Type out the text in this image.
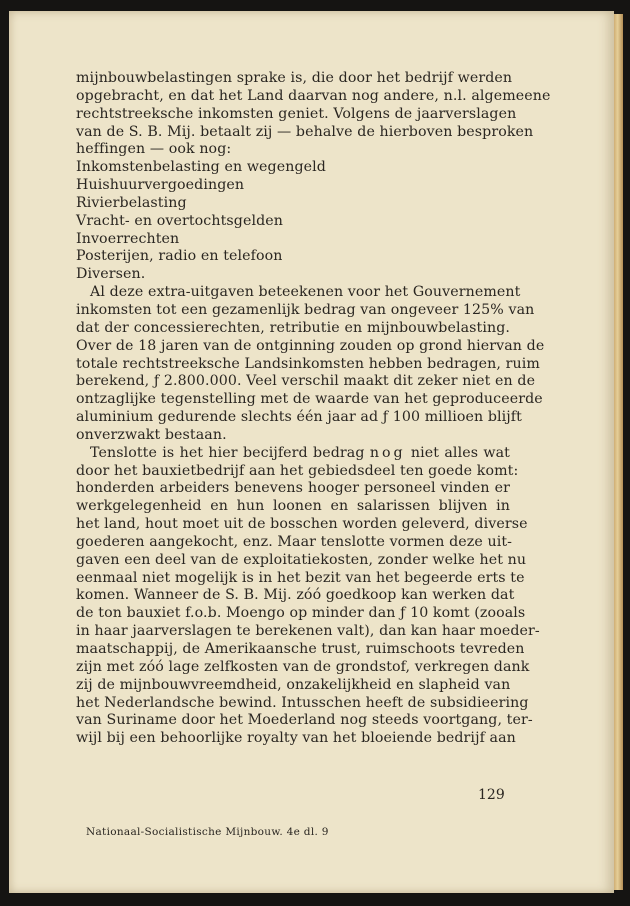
mijnbouwbelastingen sprake is, die door het bedrijf werden
opgebracht, en dat het Land daarvan nog andere, n.l. algemeene
rechtstreeksche inkomsten geniet. Volgens de jaarverslagen
van de S. B. Mij. betaalt zij — behalve de hierboven besproken
heffingen — ook nog:
Inkomstenbelasting en wegengeld
Huishuurvergoedingen
Rivierbelasting
Vracht- en overtochtsgelden
Invoerrechten
Posterijen, radio en telefoon
Diversen.
Al deze extra-uitgaven beteekenen voor het Gouvernement
inkomsten tot een gezamenlijk bedrag van ongeveer 125% van
dat der concessierechten, retributie en mijnbouwbelasting.
Over de 18 jaren van de ontginning zouden op grond hiervan de
totale rechtstreeksche Landsinkomsten hebben bedragen, ruim
berekend, ƒ 2.800.000. Veel verschil maakt dit zeker niet en de
ontzaglijke tegenstelling met de waarde van het geproduceerde
aluminium gedurende slechts één jaar ad ƒ 100 millioen blijft
onverzwakt bestaan.
Tenslotte is het hier becijferd bedrag nog niet alles wat
door het bauxietbedrijf aan het gebiedsdeel ten goede komt:
honderden arbeiders benevens hooger personeel vinden er
werkgelegenheid en hun loonen en salarissen blijven in
het land, hout moet uit de bosschen worden geleverd, diverse
goederen aangekocht, enz. Maar tenslotte vormen deze uit-
gaven een deel van de exploitatiekosten, zonder welke het nu
eenmaal niet mogelijk is in het bezit van het begeerde erts te
komen. Wanneer de S. B. Mij. zóó goedkoop kan werken dat
de ton bauxiet f.o.b. Moengo op minder dan ƒ 10 komt (zooals
in haar jaarverslagen te berekenen valt), dan kan haar moeder-
maatschappij, de Amerikaansche trust, ruimschoots tevreden
zijn met zóó lage zelfkosten van de grondstof, verkregen dank
zij de mijnbouwvreemdheid, onzakelijkheid en slapheid van
het Nederlandsche bewind. Intusschen heeft de subsidieering
van Suriname door het Moederland nog steeds voortgang, ter-
wijl bij een behoorlijke royalty van het bloeiende bedrijf aan
129
Nationaal-Socialistische Mijnbouw. 4e dl. 9
